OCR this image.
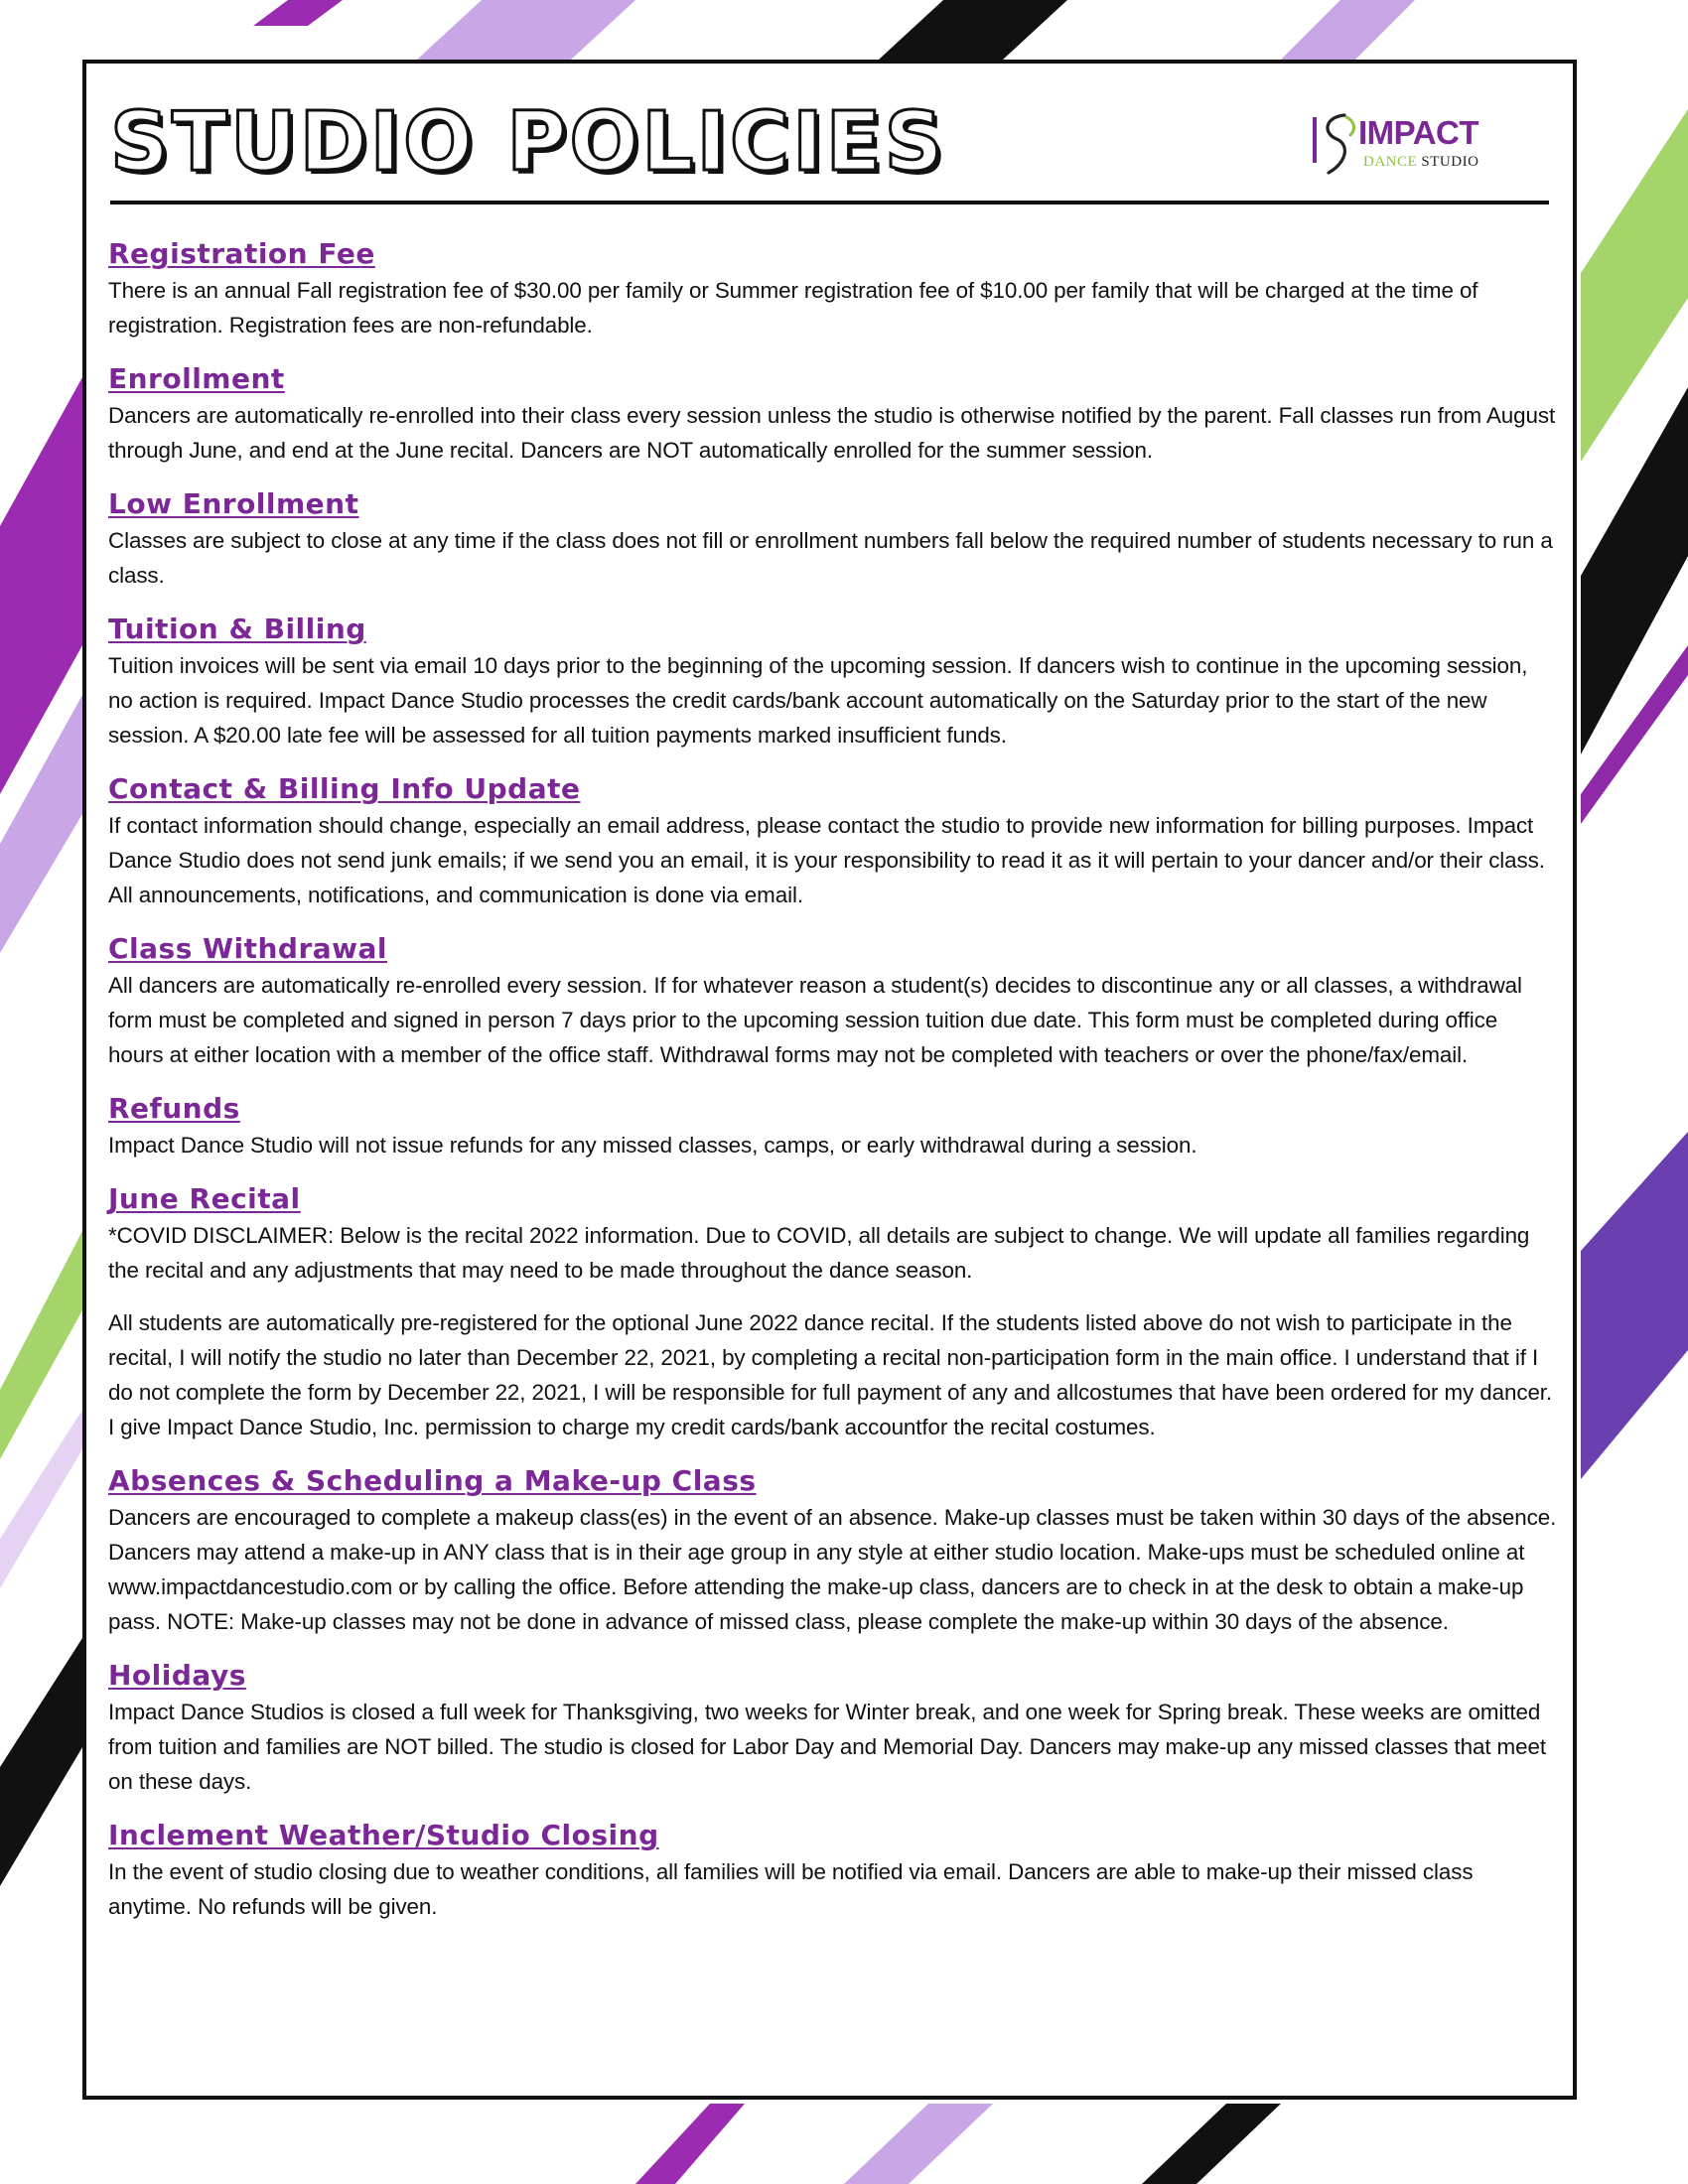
STUDIO POLICIES	IMPACT
DANCE STUDIO
Registration Fee

There is an annual Fall registration fee of $30.00 per family or Summer registration fee of $10.00 per family that will be charged at the time of registration. Registration fees are non-refundable.

Enrollment

Dancers are automatically re-enrolled into their class every session unless the studio is otherwise notified by the parent. Fall classes run from August through June, and end at the June recital. Dancers are NOT automatically enrolled for the summer session.

Low Enrollment

Classes are subject to close at any time if the class does not fill or enrollment numbers fall below the required number of students necessary to run a class.

Tuition & Billing

Tuition invoices will be sent via email 10 days prior to the beginning of the upcoming session. If dancers wish to continue in the upcoming session, no action is required. Impact Dance Studio processes the credit cards/bank account automatically on the Saturday prior to the start of the new session. A $20.00 late fee will be assessed for all tuition payments marked insufficient funds.

Contact & Billing Info Update

If contact information should change, especially an email address, please contact the studio to provide new information for billing purposes. Impact Dance Studio does not send junk emails; if we send you an email, it is your responsibility to read it as it will pertain to your dancer and/or their class. All announcements, notifications, and communication is done via email.

Class Withdrawal

All dancers are automatically re-enrolled every session. If for whatever reason a student(s) decides to discontinue any or all classes, a withdrawal form must be completed and signed in person 7 days prior to the upcoming session tuition due date. This form must be completed during office hours at either location with a member of the office staff. Withdrawal forms may not be completed with teachers or over the phone/fax/email.

Refunds

Impact Dance Studio will not issue refunds for any missed classes, camps, or early withdrawal during a session.

June Recital

*COVID DISCLAIMER: Below is the recital 2022 information. Due to COVID, all details are subject to change. We will update all families regarding the recital and any adjustments that may need to be made throughout the dance season.

All students are automatically pre-registered for the optional June 2022 dance recital. If the students listed above do not wish to participate in the recital, I will notify the studio no later than December 22, 2021, by completing a recital non-participation form in the main office. I understand that if I do not complete the form by December 22, 2021, I will be responsible for full payment of any and allcostumes that have been ordered for my dancer. I give Impact Dance Studio, Inc. permission to charge my credit cards/bank accountfor the recital costumes.

Absences & Scheduling a Make-up Class

Dancers are encouraged to complete a makeup class(es) in the event of an absence. Make-up classes must be taken within 30 days of the absence. Dancers may attend a make-up in ANY class that is in their age group in any style at either studio location. Make-ups must be scheduled online at www.impactdancestudio.com or by calling the office. Before attending the make-up class, dancers are to check in at the desk to obtain a make-up pass. NOTE: Make-up classes may not be done in advance of missed class, please complete the make-up within 30 days of the absence.

Holidays

Impact Dance Studios is closed a full week for Thanksgiving, two weeks for Winter break, and one week for Spring break. These weeks are omitted from tuition and families are NOT billed. The studio is closed for Labor Day and Memorial Day. Dancers may make-up any missed classes that meet on these days.

Inclement Weather/Studio Closing

In the event of studio closing due to weather conditions, all families will be notified via email. Dancers are able to make-up their missed class anytime. No refunds will be given.
